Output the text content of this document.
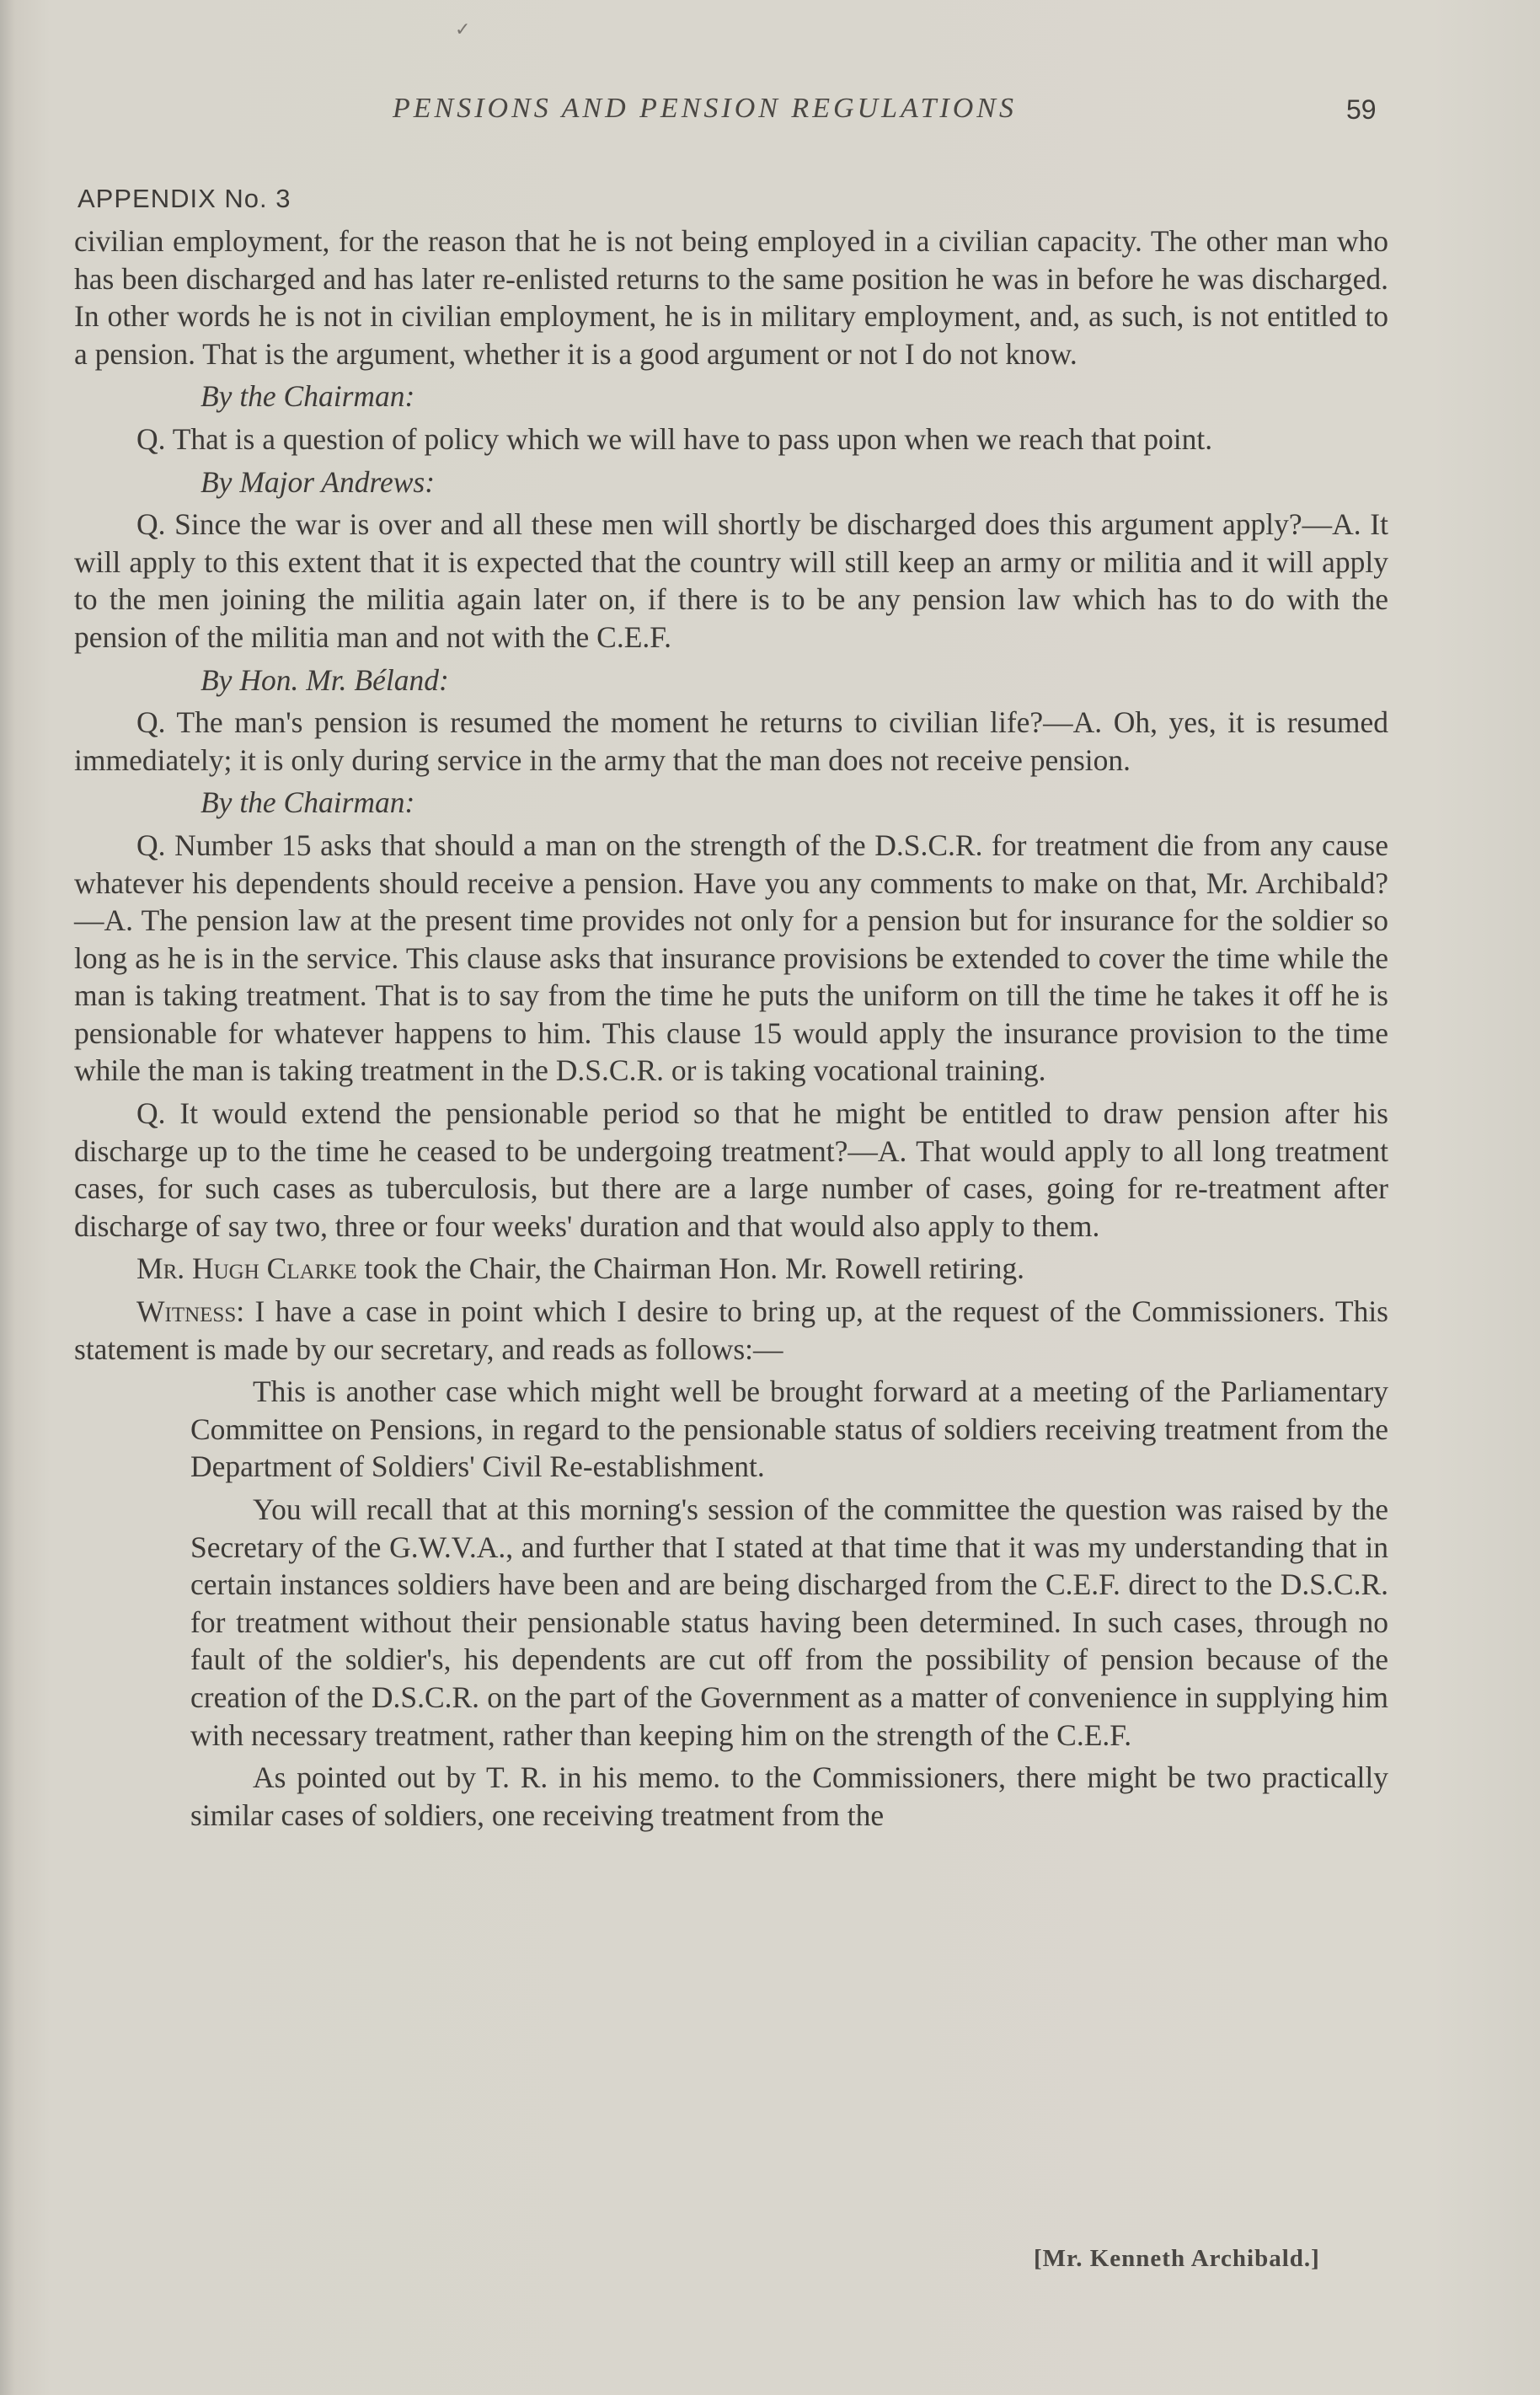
✓
PENSIONS AND PENSION REGULATIONS	59
APPENDIX No. 3

civilian employment, for the reason that he is not being employed in a civilian capacity. The other man who has been discharged and has later re-enlisted returns to the same position he was in before he was discharged. In other words he is not in civilian employment, he is in military employment, and, as such, is not entitled to a pension. That is the argument, whether it is a good argument or not I do not know.

By the Chairman:

Q. That is a question of policy which we will have to pass upon when we reach that point.

By Major Andrews:

Q. Since the war is over and all these men will shortly be discharged does this argument apply?—A. It will apply to this extent that it is expected that the country will still keep an army or militia and it will apply to the men joining the militia again later on, if there is to be any pension law which has to do with the pension of the militia man and not with the C.E.F.

By Hon. Mr. Béland:

Q. The man's pension is resumed the moment he returns to civilian life?—A. Oh, yes, it is resumed immediately; it is only during service in the army that the man does not receive pension.

By the Chairman:

Q. Number 15 asks that should a man on the strength of the D.S.C.R. for treatment die from any cause whatever his dependents should receive a pension. Have you any comments to make on that, Mr. Archibald?—A. The pension law at the present time provides not only for a pension but for insurance for the soldier so long as he is in the service. This clause asks that insurance provisions be extended to cover the time while the man is taking treatment. That is to say from the time he puts the uniform on till the time he takes it off he is pensionable for whatever happens to him. This clause 15 would apply the insurance provision to the time while the man is taking treatment in the D.S.C.R. or is taking vocational training.

Q. It would extend the pensionable period so that he might be entitled to draw pension after his discharge up to the time he ceased to be undergoing treatment?—A. That would apply to all long treatment cases, for such cases as tuberculosis, but there are a large number of cases, going for re-treatment after discharge of say two, three or four weeks' duration and that would also apply to them.

Mr. Hugh Clarke took the Chair, the Chairman Hon. Mr. Rowell retiring.

Witness: I have a case in point which I desire to bring up, at the request of the Commissioners. This statement is made by our secretary, and reads as follows:—

This is another case which might well be brought forward at a meeting of the Parliamentary Committee on Pensions, in regard to the pensionable status of soldiers receiving treatment from the Department of Soldiers' Civil Re-establishment.

You will recall that at this morning's session of the committee the question was raised by the Secretary of the G.W.V.A., and further that I stated at that time that it was my understanding that in certain instances soldiers have been and are being discharged from the C.E.F. direct to the D.S.C.R. for treatment without their pensionable status having been determined. In such cases, through no fault of the soldier's, his dependents are cut off from the possibility of pension because of the creation of the D.S.C.R. on the part of the Government as a matter of convenience in supplying him with necessary treatment, rather than keeping him on the strength of the C.E.F.

As pointed out by T. R. in his memo. to the Commissioners, there might be two practically similar cases of soldiers, one receiving treatment from the

[Mr. Kenneth Archibald.]
